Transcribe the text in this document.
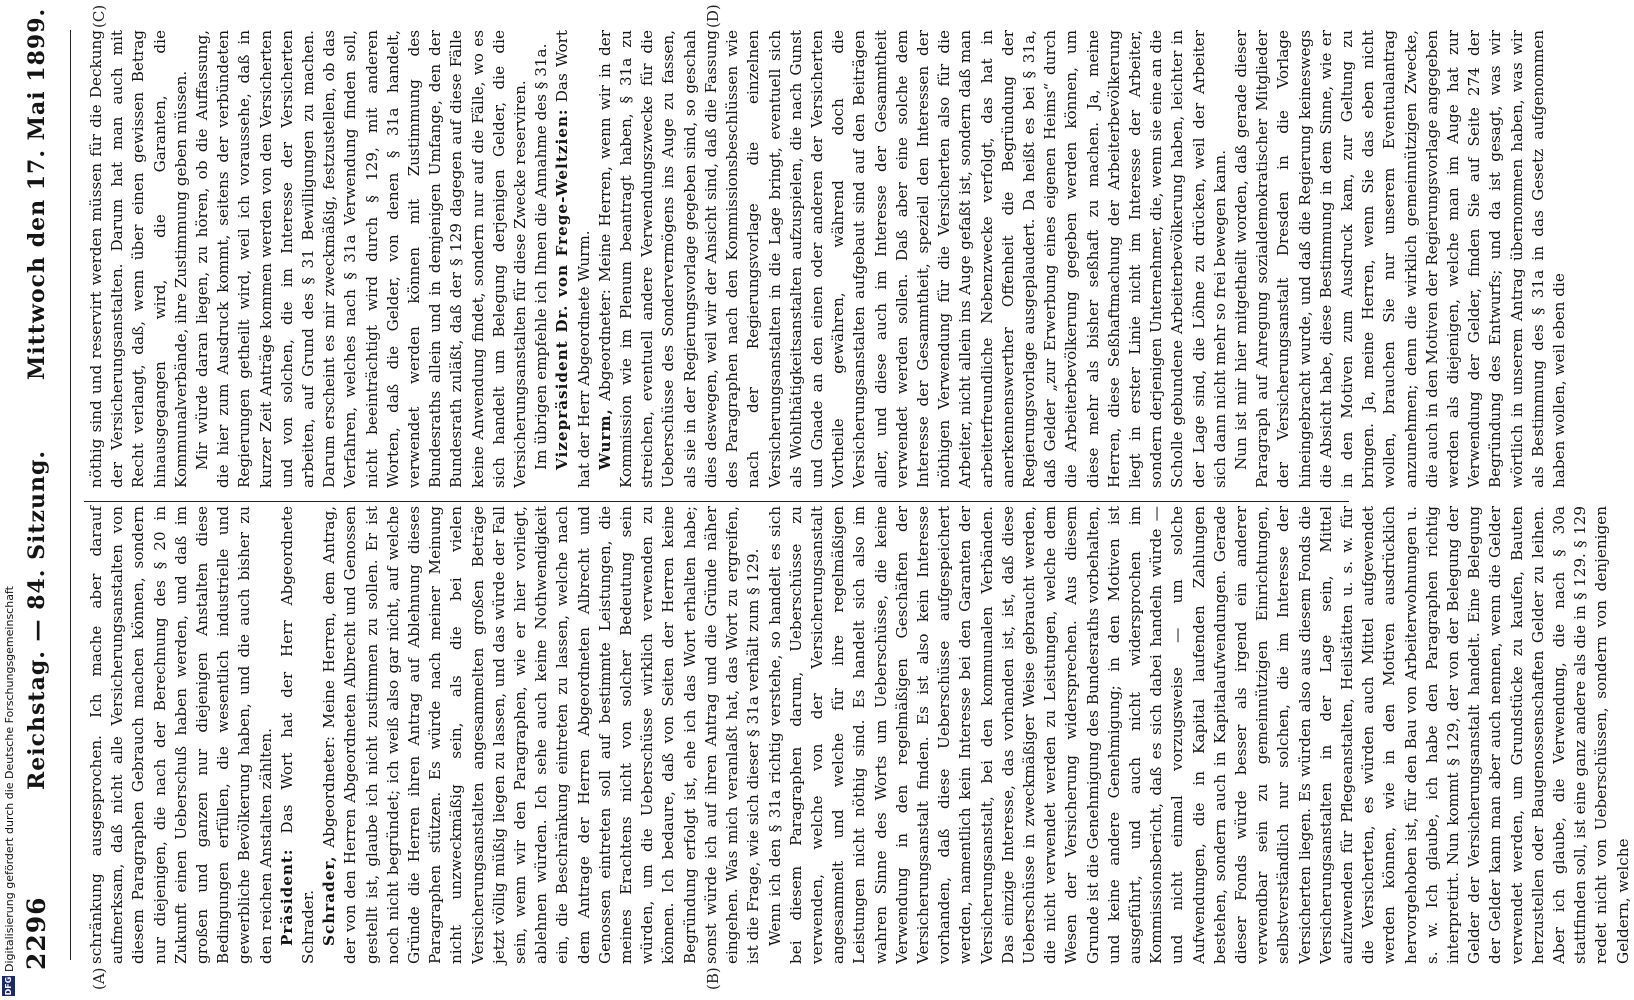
2296
Reichstag. — 84. Sitzung.
Mittwoch den 17. Mai 1899.
(A)	(B)
(C)	(D)

schränkung ausgesprochen. Ich mache aber darauf aufmerksam, daß nicht alle Versicherungsanstalten von diesem Paragraphen Gebrauch machen können, sondern nur diejenigen, die nach der Berechnung des § 20 in Zukunft einen Ueberschuß haben werden, und daß im großen und ganzen nur diejenigen Anstalten diese Bedingungen erfüllen, die wesentlich industrielle und gewerbliche Bevölkerung haben, und die auch bisher zu den reichen Anstalten zählten. Präsident: Das Wort hat der Herr Abgeordnete Schrader. Schrader, Abgeordneter: Meine Herren, dem Antrag, der von den Herren Abgeordneten Albrecht und Genossen gestellt ist, glaube ich nicht zustimmen zu sollen. Er ist noch nicht begründet; ich weiß also gar nicht, auf welche Gründe die Herren ihren Antrag auf Ablehnung dieses Paragraphen stützen. Es würde nach meiner Meinung nicht unzweckmäßig sein, als die bei vielen Versicherungsanstalten angesammelten großen Beträge jetzt völlig müßig liegen zu lassen, und das würde der Fall sein, wenn wir den Paragraphen, wie er hier vorliegt, ablehnen würden. Ich sehe auch keine Nothwendigkeit ein, die Beschränkung eintreten zu lassen, welche nach dem Antrage der Herren Abgeordneten Albrecht und Genossen eintreten soll auf bestimmte Leistungen, die meines Erachtens nicht von solcher Bedeutung sein würden, um die Ueberschüsse wirklich verwenden zu können. Ich bedaure, daß von Seiten der Herren keine Begründung erfolgt ist, ehe ich das Wort erhalten habe; sonst würde ich auf ihren Antrag und die Gründe näher eingehen. Was mich veranlaßt hat, das Wort zu ergreifen, ist die Frage, wie sich dieser § 31a verhält zum § 129. Wenn ich den § 31a richtig verstehe, so handelt es sich bei diesem Paragraphen darum, Ueberschüsse zu verwenden, welche von der Versicherungsanstalt angesammelt und welche für ihre regelmäßigen Leistungen nicht nöthig sind. Es handelt sich also im wahren Sinne des Worts um Ueberschüsse, die keine Verwendung in den regelmäßigen Geschäften der Versicherungsanstalt finden. Es ist also kein Interesse vorhanden, daß diese Ueberschüsse aufgespeichert werden, namentlich kein Interesse bei den Garanten der Versicherungsanstalt, bei den kommunalen Verbänden. Das einzige Interesse, das vorhanden ist, ist, daß diese Ueberschüsse in zweckmäßiger Weise gebraucht werden, die nicht verwendet werden zu Leistungen, welche dem Wesen der Versicherung widersprechen. Aus diesem Grunde ist die Genehmigung des Bundesraths vorbehalten, und keine andere Genehmigung; in den Motiven ist ausgeführt, und auch nicht widersprochen im Kommissionsbericht, daß es sich dabei handeln würde — und nicht einmal vorzugsweise — um solche Aufwendungen, die in Kapital laufenden Zahlungen bestehen, sondern auch in Kapitalaufwendungen. Gerade dieser Fonds würde besser als irgend ein anderer verwendbar sein zu gemeinnützigen Einrichtungen, selbstverständlich nur solchen, die im Interesse der Versicherten liegen. Es würden also aus diesem Fonds die Versicherungsanstalten in der Lage sein, Mittel aufzuwenden für Pflegeanstalten, Heilstätten u. s. w. für die Versicherten, es würden auch Mittel aufgewendet werden können, wie in den Motiven ausdrücklich hervorgehoben ist, für den Bau von Arbeiterwohnungen u. s. w. Ich glaube, ich habe den Paragraphen richtig interpretirt. Nun kommt § 129, der von der Belegung der Gelder der Versicherungsanstalt handelt. Eine Belegung der Gelder kann man aber auch nennen, wenn die Gelder verwendet werden, um Grundstücke zu kaufen, Bauten herzustellen oder Baugenossenschaften Gelder zu leihen. Aber ich glaube, die Verwendung, die nach § 30a stattfinden soll, ist eine ganz andere als die in § 129. § 129 redet nicht von Ueberschüssen, sondern von denjenigen Geldern, welche

nöthig sind und reservirt werden müssen für die Deckung der Versicherungsanstalten. Darum hat man auch mit Recht verlangt, daß, wenn über einen gewissen Betrag hinausgegangen wird, die Garanten, die Kommunalverbände, ihre Zustimmung geben müssen. Mir würde daran liegen, zu hören, ob die Auffassung, die hier zum Ausdruck kommt, seitens der verbündeten Regierungen getheilt wird, weil ich voraussehe, daß in kurzer Zeit Anträge kommen werden von den Versicherten und von solchen, die im Interesse der Versicherten arbeiten, auf Grund des § 31 Bewilligungen zu machen. Darum erscheint es mir zweckmäßig, festzustellen, ob das Verfahren, welches nach § 31a Verwendung finden soll, nicht beeinträchtigt wird durch § 129, mit anderen Worten, daß die Gelder, von denen § 31a handelt, verwendet werden können mit Zustimmung des Bundesraths allein und in demjenigen Umfange, den der Bundesrath zuläßt, daß der § 129 dagegen auf diese Fälle keine Anwendung findet, sondern nur auf die Fälle, wo es sich handelt um Belegung derjenigen Gelder, die die Versicherungsanstalten für diese Zwecke reserviren. Im übrigen empfehle ich Ihnen die Annahme des § 31a. Vizepräsident Dr. von Frege-Weltzien: Das Wort hat der Herr Abgeordnete Wurm. Wurm, Abgeordneter: Meine Herren, wenn wir in der Kommission wie im Plenum beantragt haben, § 31a zu streichen, eventuell andere Verwendungszwecke für die Ueberschüsse des Sondervermögens ins Auge zu fassen, als sie in der Regierungsvorlage gegeben sind, so geschah dies deswegen, weil wir der Ansicht sind, daß die Fassung des Paragraphen nach den Kommissionsbeschlüssen wie nach der Regierungsvorlage die einzelnen Versicherungsanstalten in die Lage bringt, eventuell sich als Wohlthätigkeitsanstalten aufzuspielen, die nach Gunst und Gnade an den einen oder anderen der Versicherten Vortheile gewähren, während doch die Versicherungsanstalten aufgebaut sind auf den Beiträgen aller, und diese auch im Interesse der Gesammtheit verwendet werden sollen. Daß aber eine solche dem Interesse der Gesammtheit, speziell den Interessen der nöthigen Verwendung für die Versicherten also für die Arbeiter, nicht allein ins Auge gefaßt ist, sondern daß man arbeiterfreundliche Nebenzwecke verfolgt, das hat in anerkennenswerther Offenheit die Begründung der Regierungsvorlage ausgeplaudert. Da heißt es bei § 31a, daß Gelder „zur Erwerbung eines eigenen Heims“ durch die Arbeiterbevölkerung gegeben werden können, um diese mehr als bisher seßhaft zu machen. Ja, meine Herren, diese Seßhaftmachung der Arbeiterbevölkerung liegt in erster Linie nicht im Interesse der Arbeiter, sondern derjenigen Unternehmer, die, wenn sie eine an die Scholle gebundene Arbeiterbevölkerung haben, leichter in der Lage sind, die Löhne zu drücken, weil der Arbeiter sich dann nicht mehr so frei bewegen kann. Nun ist mir hier mitgetheilt worden, daß gerade dieser Paragraph auf Anregung sozialdemokratischer Mitglieder der Versicherungsanstalt Dresden in die Vorlage hineingebracht wurde, und daß die Regierung keineswegs die Absicht habe, diese Bestimmung in dem Sinne, wie er in den Motiven zum Ausdruck kam, zur Geltung zu bringen. Ja, meine Herren, wenn Sie das eben nicht wollen, brauchen Sie nur unserem Eventualantrag anzunehmen; denn die wirklich gemeinnützigen Zwecke, die auch in den Motiven der Regierungsvorlage angegeben werden als diejenigen, welche man im Auge hat zur Verwendung der Gelder, finden Sie auf Seite 274 der Begründung des Entwurfs; und da ist gesagt, was wir wörtlich in unserem Antrag übernommen haben, was wir als Bestimmung des § 31a in das Gesetz aufgenommen haben wollen, weil eben die

DFG
Digitalisierung gefördert durch die Deutsche Forschungsgemeinschaft
